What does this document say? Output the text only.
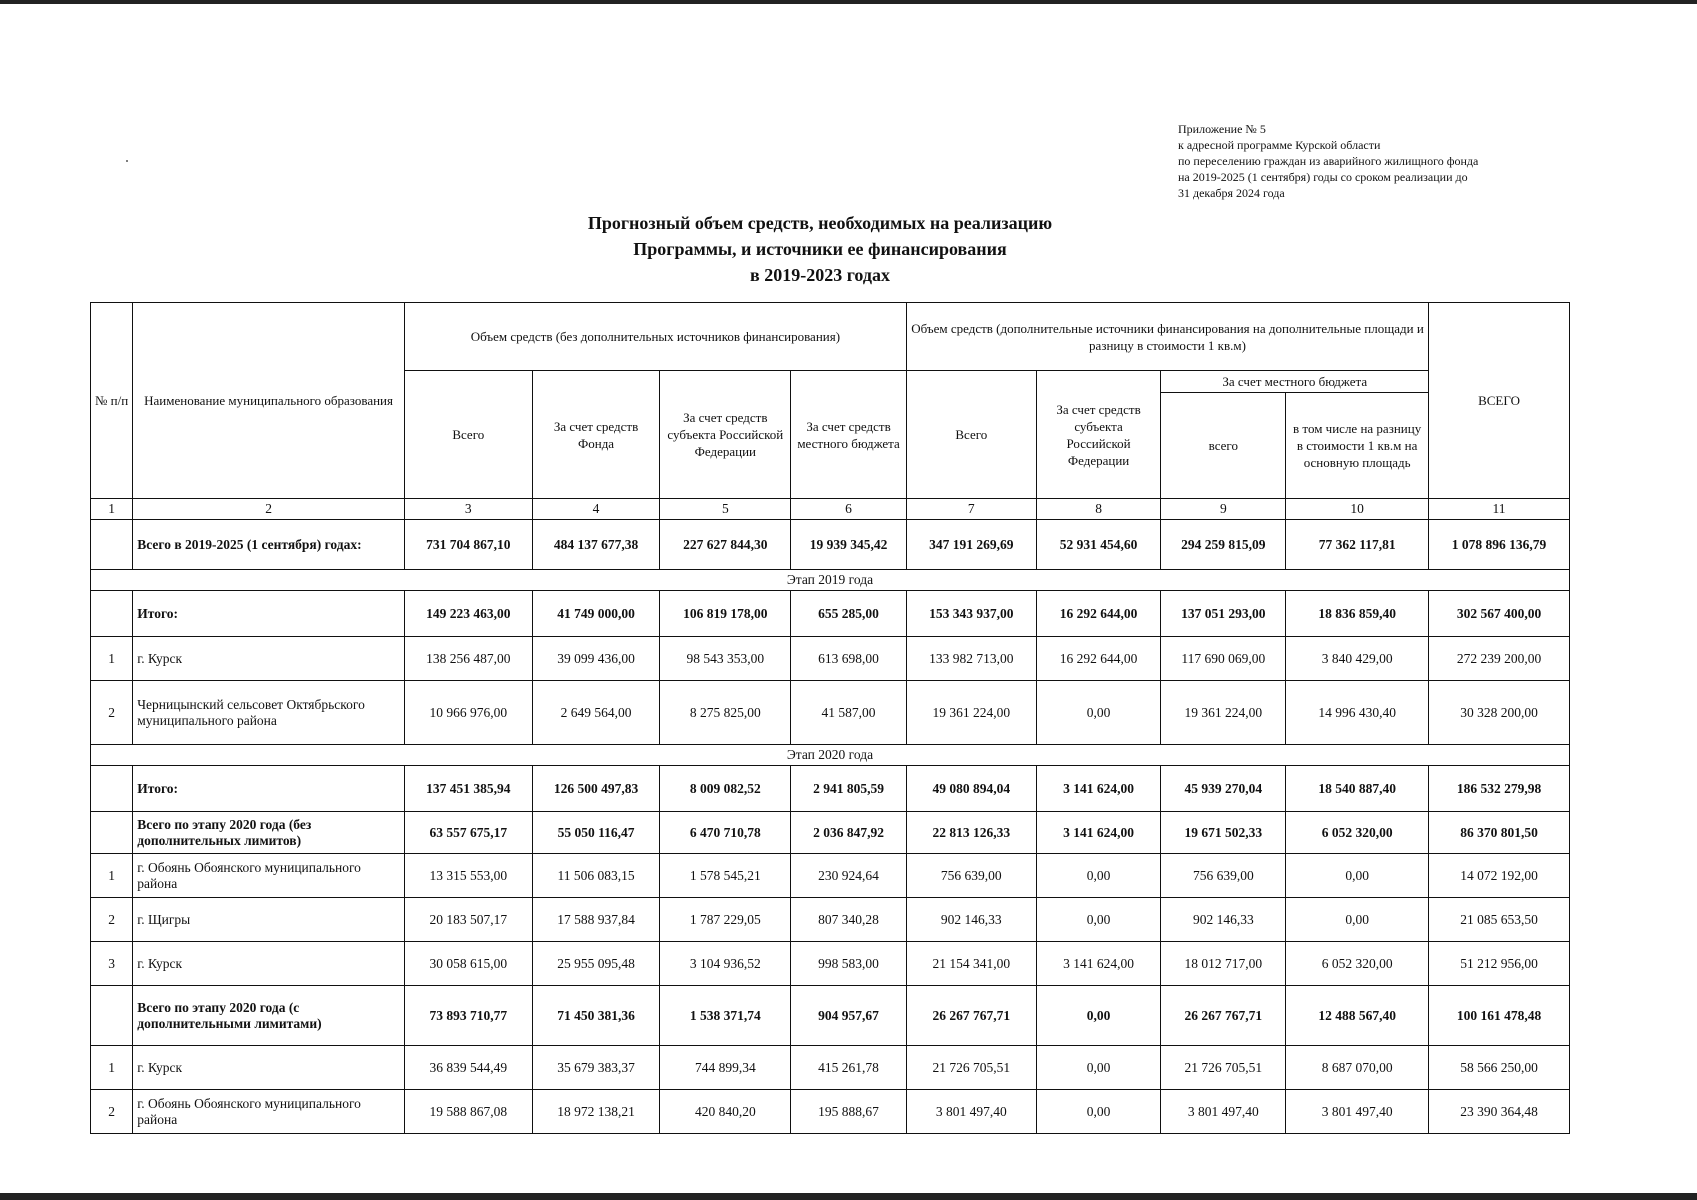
Приложение № 5
к адресной программе Курской области
по переселению граждан из аварийного жилищного фонда
на 2019-2025 (1 сентября) годы со сроком реализации до
31 декабря 2024 года
Прогнозный объем средств, необходимых на реализацию
Программы, и источники ее финансирования
в 2019-2023 годах
№ п/п	Наименование муниципального образования	Объем средств (без дополнительных источников финансирования)				Объем средств (дополнительные источники финансирования на дополнительные площади и разницу в стоимости 1 кв.м)				ВСЕГО
		Всего	За счет средств Фонда	За счет средств субъекта Российской Федерации	За счет средств местного бюджета	Всего	За счет средств субъекта Российской Федерации	За счет местного бюджета		
								всего	в том числе на разницу в стоимости 1 кв.м на основную площадь	
1	2	3	4	5	6	7	8	9	10	11
	Всего в 2019-2025 (1 сентября) годах:	731 704 867,10	484 137 677,38	227 627 844,30	19 939 345,42	347 191 269,69	52 931 454,60	294 259 815,09	77 362 117,81	1 078 896 136,79
Этап 2019 года										
	Итого:	149 223 463,00	41 749 000,00	106 819 178,00	655 285,00	153 343 937,00	16 292 644,00	137 051 293,00	18 836 859,40	302 567 400,00
1	г. Курск	138 256 487,00	39 099 436,00	98 543 353,00	613 698,00	133 982 713,00	16 292 644,00	117 690 069,00	3 840 429,00	272 239 200,00
2	Черницынский сельсовет Октябрьского муниципального района	10 966 976,00	2 649 564,00	8 275 825,00	41 587,00	19 361 224,00	0,00	19 361 224,00	14 996 430,40	30 328 200,00
Этап 2020 года										
	Итого:	137 451 385,94	126 500 497,83	8 009 082,52	2 941 805,59	49 080 894,04	3 141 624,00	45 939 270,04	18 540 887,40	186 532 279,98
	Всего по этапу 2020 года (без дополнительных лимитов)	63 557 675,17	55 050 116,47	6 470 710,78	2 036 847,92	22 813 126,33	3 141 624,00	19 671 502,33	6 052 320,00	86 370 801,50
1	г. Обоянь Обоянского муниципального района	13 315 553,00	11 506 083,15	1 578 545,21	230 924,64	756 639,00	0,00	756 639,00	0,00	14 072 192,00
2	г. Щигры	20 183 507,17	17 588 937,84	1 787 229,05	807 340,28	902 146,33	0,00	902 146,33	0,00	21 085 653,50
3	г. Курск	30 058 615,00	25 955 095,48	3 104 936,52	998 583,00	21 154 341,00	3 141 624,00	18 012 717,00	6 052 320,00	51 212 956,00
	Всего по этапу 2020 года (с дополнительными лимитами)	73 893 710,77	71 450 381,36	1 538 371,74	904 957,67	26 267 767,71	0,00	26 267 767,71	12 488 567,40	100 161 478,48
1	г. Курск	36 839 544,49	35 679 383,37	744 899,34	415 261,78	21 726 705,51	0,00	21 726 705,51	8 687 070,00	58 566 250,00
2	г. Обоянь Обоянского муниципального района	19 588 867,08	18 972 138,21	420 840,20	195 888,67	3 801 497,40	0,00	3 801 497,40	3 801 497,40	23 390 364,48
